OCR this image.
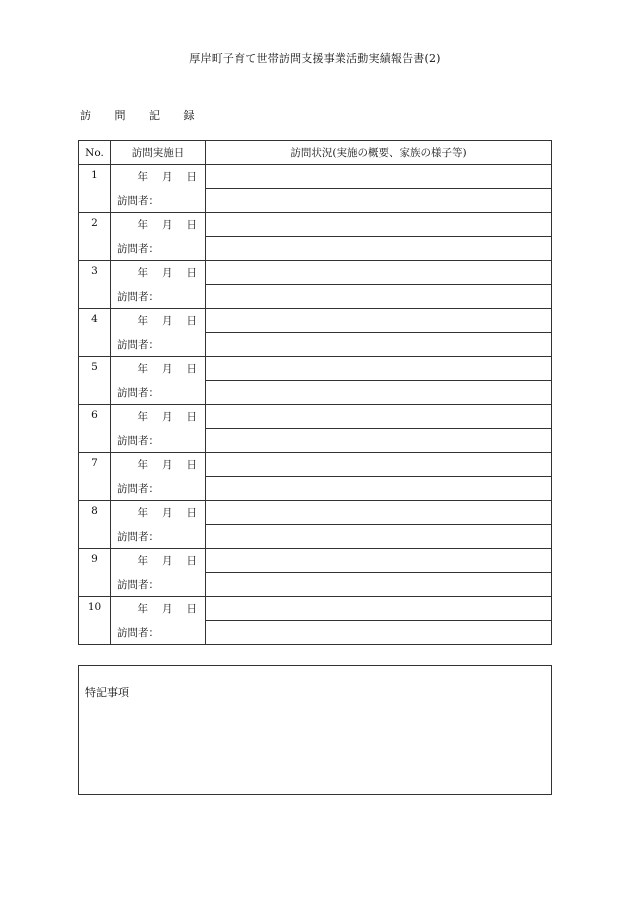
厚岸町子育て世帯訪問支援事業活動実績報告書(2)
訪 問 記 録
No.	訪問実施日	訪問状況(実施の概要、家族の様子等)
1	年 月 日	
	訪問者：	
2	年 月 日	
	訪問者：	
3	年 月 日	
	訪問者：	
4	年 月 日	
	訪問者：	
5	年 月 日	
	訪問者：	
6	年 月 日	
	訪問者：	
7	年 月 日	
	訪問者：	
8	年 月 日	
	訪問者：	
9	年 月 日	
	訪問者：	
10	年 月 日	
	訪問者：	
特記事項
